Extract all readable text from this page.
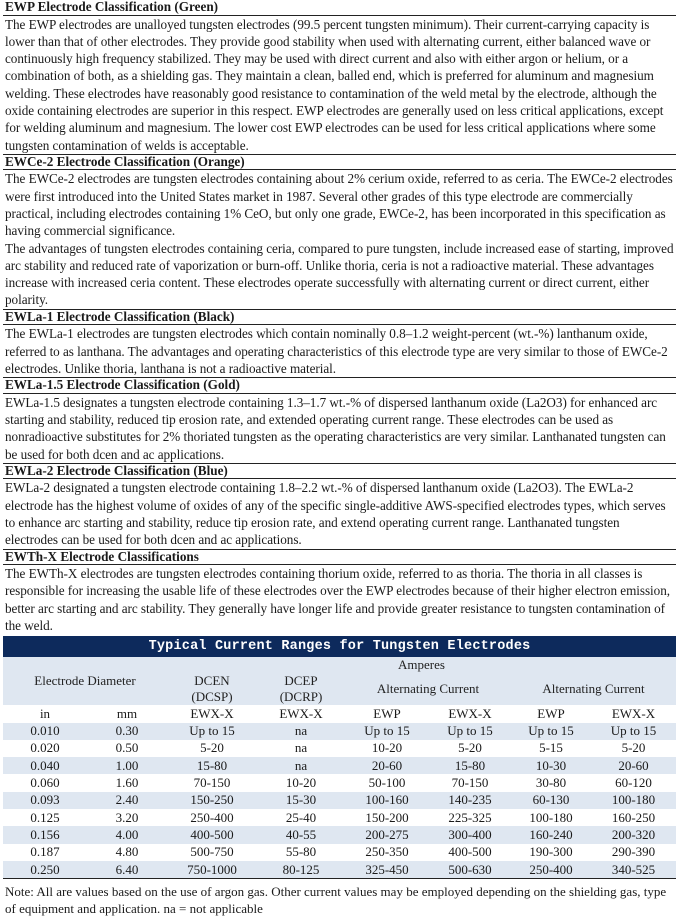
EWP Electrode Classification (Green)

The EWP electrodes are unalloyed tungsten electrodes (99.5 percent tungsten minimum). Their current-carrying capacity is lower than that of other electrodes. They provide good stability when used with alternating current, either balanced wave or continuously high frequency stabilized. They may be used with direct current and also with either argon or helium, or a combination of both, as a shielding gas. They maintain a clean, balled end, which is preferred for aluminum and magnesium welding. These electrodes have reasonably good resistance to contamination of the weld metal by the electrode, although the oxide containing electrodes are superior in this respect. EWP electrodes are generally used on less critical applications, except for welding aluminum and magnesium. The lower cost EWP electrodes can be used for less critical applications where some tungsten contamination of welds is acceptable.

EWCe-2 Electrode Classification (Orange)

The EWCe-2 electrodes are tungsten electrodes containing about 2% cerium oxide, referred to as ceria. The EWCe-2 electrodes were first introduced into the United States market in 1987. Several other grades of this type electrode are commercially practical, including electrodes containing 1% CeO, but only one grade, EWCe-2, has been incorporated in this specification as having commercial significance.

The advantages of tungsten electrodes containing ceria, compared to pure tungsten, include increased ease of starting, improved arc stability and reduced rate of vaporization or burn-off. Unlike thoria, ceria is not a radioactive material. These advantages increase with increased ceria content. These electrodes operate successfully with alternating current or direct current, either polarity.

EWLa-1 Electrode Classification (Black)

The EWLa-1 electrodes are tungsten electrodes which contain nominally 0.8–1.2 weight-percent (wt.-%) lanthanum oxide, referred to as lanthana. The advantages and operating characteristics of this electrode type are very similar to those of EWCe-2 electrodes. Unlike thoria, lanthana is not a radioactive material.

EWLa-1.5 Electrode Classification (Gold)

EWLa-1.5 designates a tungsten electrode containing 1.3–1.7 wt.-% of dispersed lanthanum oxide (La2O3) for enhanced arc starting and stability, reduced tip erosion rate, and extended operating current range. These electrodes can be used as nonradioactive substitutes for 2% thoriated tungsten as the operating characteristics are very similar. Lanthanated tungsten can be used for both dcen and ac applications.

EWLa-2 Electrode Classification (Blue)

EWLa-2 designated a tungsten electrode containing 1.8–2.2 wt.-% of dispersed lanthanum oxide (La2O3). The EWLa-2 electrode has the highest volume of oxides of any of the specific single-additive AWS-specified electrodes types, which serves to enhance arc starting and stability, reduce tip erosion rate, and extend operating current range. Lanthanated tungsten electrodes can be used for both dcen and ac applications.

EWTh-X Electrode Classifications

The EWTh-X electrodes are tungsten electrodes containing thorium oxide, referred to as thoria. The thoria in all classes is responsible for increasing the usable life of these electrodes over the EWP electrodes because of their higher electron emission, better arc starting and arc stability. They generally have longer life and provide greater resistance to tungsten contamination of the weld.

Typical Current Ranges for Tungsten Electrodes							
Electrode Diameter		Amperes					
		DCEN	DCEP	Alternating Current		Alternating Current	
		(DCSP)	(DCRP)				
in	mm	EWX-X	EWX-X	EWP	EWX-X	EWP	EWX-X
0.010	0.30	Up to 15	na	Up to 15	Up to 15	Up to 15	Up to 15
0.020	0.50	5-20	na	10-20	5-20	5-15	5-20
0.040	1.00	15-80	na	20-60	15-80	10-30	20-60
0.060	1.60	70-150	10-20	50-100	70-150	30-80	60-120
0.093	2.40	150-250	15-30	100-160	140-235	60-130	100-180
0.125	3.20	250-400	25-40	150-200	225-325	100-180	160-250
0.156	4.00	400-500	40-55	200-275	300-400	160-240	200-320
0.187	4.80	500-750	55-80	250-350	400-500	190-300	290-390
0.250	6.40	750-1000	80-125	325-450	500-630	250-400	340-525
Note: All are values based on the use of argon gas. Other current values may be employed depending on the shielding gas, type of equipment and application. na = not applicable
